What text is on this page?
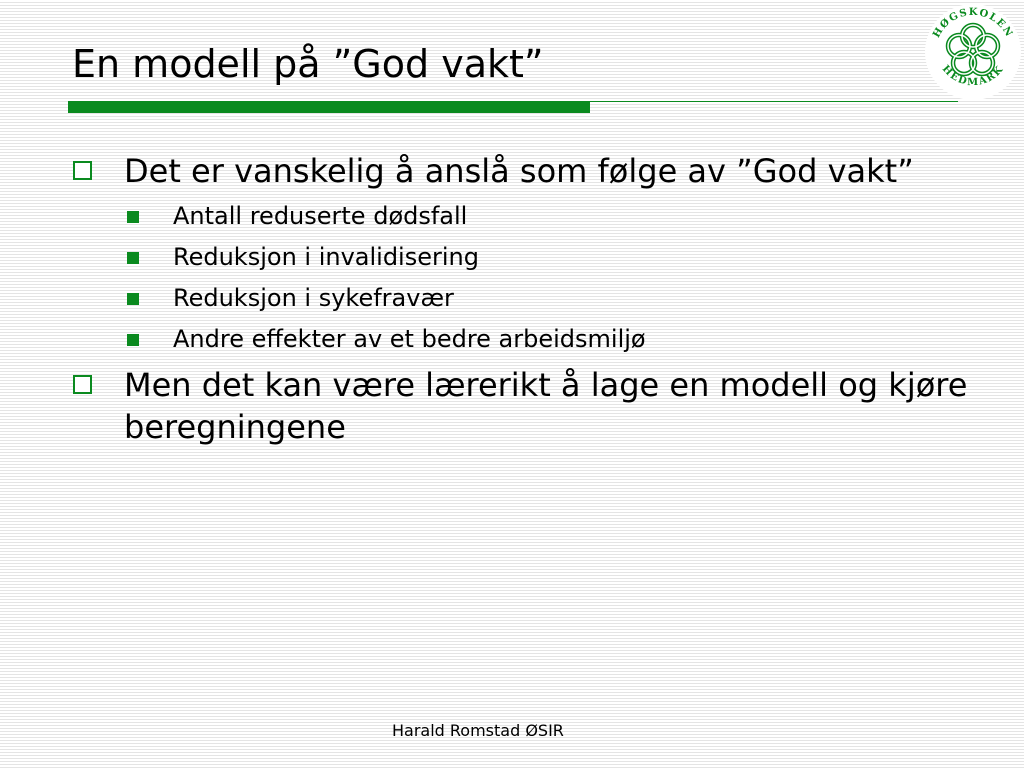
En modell på ”God vakt”
HØGSKOLEN
HEDMARK

Det er vanskelig å anslå som følge av ”God vakt”

Antall reduserte dødsfall

Reduksjon i invalidisering

Reduksjon i sykefravær

Andre effekter av et bedre arbeidsmiljø

Men det kan være lærerikt å lage en modell og kjøre beregningene

Harald Romstad ØSIR
